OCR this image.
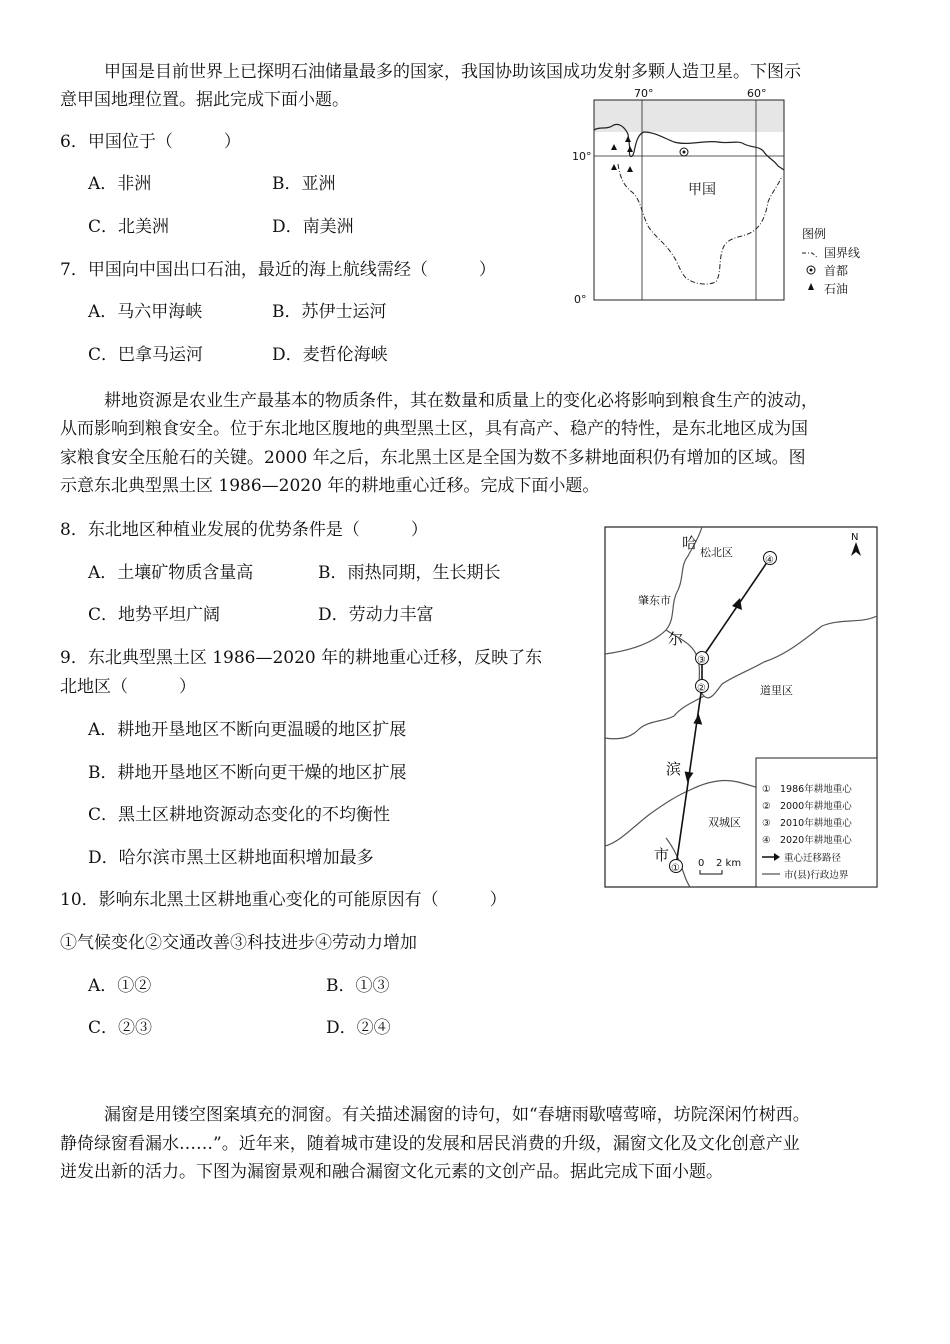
甲国是目前世界上已探明石油储量最多的国家，我国协助该国成功发射多颗人造卫星。下图示

意甲国地理位置。据此完成下面小题。

6．甲国位于（　　　）

A．非洲	B．亚洲

C．北美洲	D．南美洲

7．甲国向中国出口石油，最近的海上航线需经（　　　）

A．马六甲海峡	B．苏伊士运河

C．巴拿马运河	D．麦哲伦海峡

70°	60°
10°
0°
甲国
图例
国界线
首都
石油

耕地资源是农业生产最基本的物质条件，其在数量和质量上的变化必将影响到粮食生产的波动，

从而影响到粮食安全。位于东北地区腹地的典型黑土区，具有高产、稳产的特性，是东北地区成为国

家粮食安全压舱石的关键。2000 年之后，东北黑土区是全国为数不多耕地面积仍有增加的区域。图

示意东北典型黑土区 1986—2020 年的耕地重心迁移。完成下面小题。

8．东北地区种植业发展的优势条件是（　　　）

A．土壤矿物质含量高	B．雨热同期，生长期长

C．地势平坦广阔	D．劳动力丰富

9．东北典型黑土区 1986—2020 年的耕地重心迁移，反映了东

北地区（　　　）

A．耕地开垦地区不断向更温暖的地区扩展

B．耕地开垦地区不断向更干燥的地区扩展

C．黑土区耕地资源动态变化的不均衡性

D．哈尔滨市黑土区耕地面积增加最多

10．影响东北黑土区耕地重心变化的可能原因有（　　　）

①气候变化②交通改善③科技进步④劳动力增加

A．①②	B．①③

C．②③	D．②④

①
②
③
④
哈
尔
滨
市
松北区
肇东市
道里区
双城区
N
0 2 km
①　1986年耕地重心
②　2000年耕地重心
③　2010年耕地重心
④　2020年耕地重心
重心迁移路径
市(县)行政边界

漏窗是用镂空图案填充的洞窗。有关描述漏窗的诗句，如“春塘雨歇嘻莺啼，坊院深闲竹树西。

静倚绿窗看漏水……”。近年来，随着城市建设的发展和居民消费的升级，漏窗文化及文化创意产业

迸发出新的活力。下图为漏窗景观和融合漏窗文化元素的文创产品。据此完成下面小题。
